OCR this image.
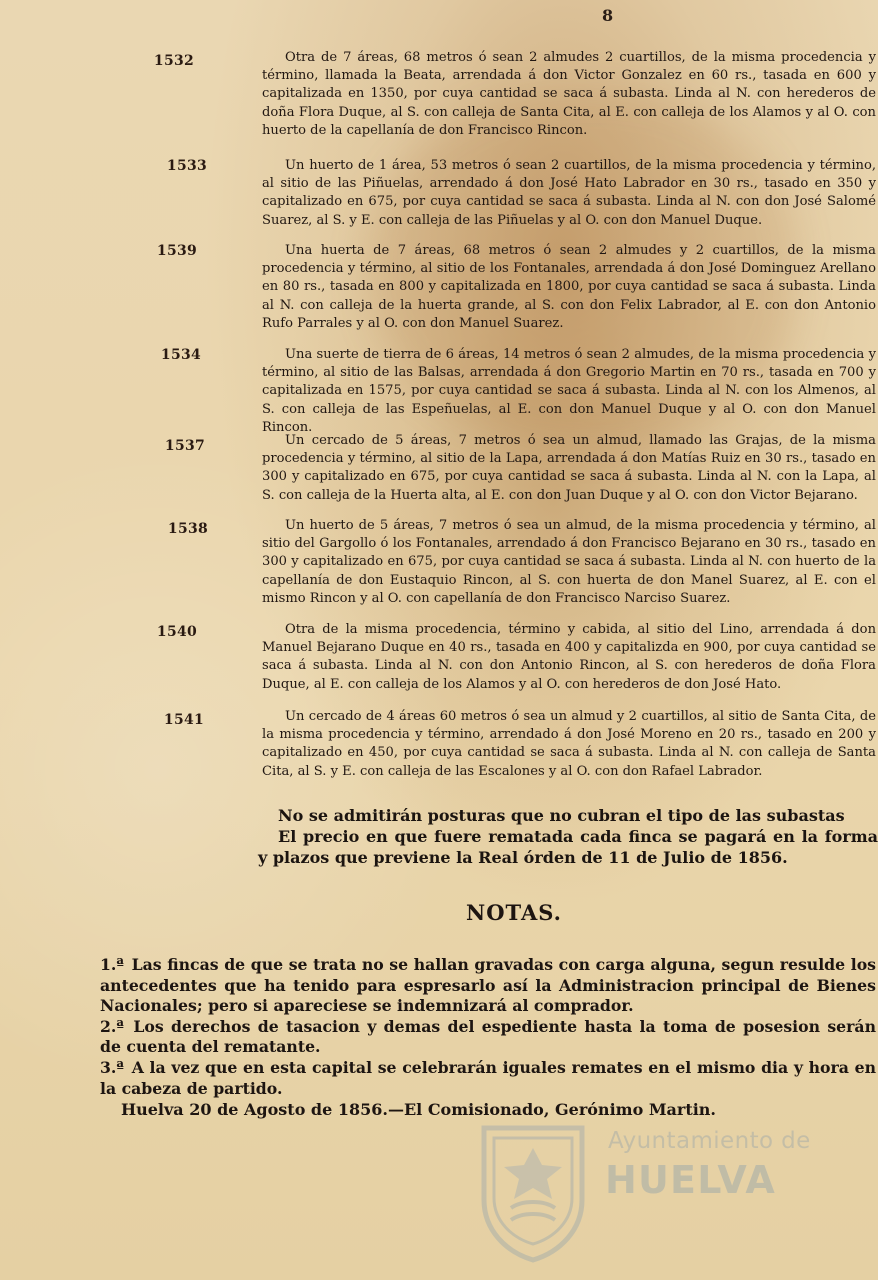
8
1532	Otra de 7 áreas, 68 metros ó sean 2 almudes 2 cuartillos, de la misma procedencia y término, llamada la Beata, arrendada á don Victor Gonzalez en 60 rs., tasada en 600 y capitalizada en 1350, por cuya cantidad se saca á subasta. Linda al N. con herederos de doña Flora Duque, al S. con calleja de Santa Cita, al E. con calleja de los Alamos y al O. con huerto de la capellanía de don Francisco Rincon.
1533	Un huerto de 1 área, 53 metros ó sean 2 cuartillos, de la misma procedencia y término, al sitio de las Piñuelas, arrendado á don José Hato Labrador en 30 rs., tasado en 350 y capitalizado en 675, por cuya cantidad se saca á subasta. Linda al N. con don José Salomé Suarez, al S. y E. con calleja de las Piñuelas y al O. con don Manuel Duque.
1539	Una huerta de 7 áreas, 68 metros ó sean 2 almudes y 2 cuartillos, de la misma procedencia y término, al sitio de los Fontanales, arrendada á don José Dominguez Arellano en 80 rs., tasada en 800 y capitalizada en 1800, por cuya cantidad se saca á subasta. Linda al N. con calleja de la huerta grande, al S. con don Felix Labrador, al E. con don Antonio Rufo Parrales y al O. con don Manuel Suarez.
1534	Una suerte de tierra de 6 áreas, 14 metros ó sean 2 almudes, de la misma procedencia y término, al sitio de las Balsas, arrendada á don Gregorio Martin en 70 rs., tasada en 700 y capitalizada en 1575, por cuya cantidad se saca á subasta. Linda al N. con los Almenos, al S. con calleja de las Espeñuelas, al E. con don Manuel Duque y al O. con don Manuel Rincon.
1537	Un cercado de 5 áreas, 7 metros ó sea un almud, llamado las Grajas, de la misma procedencia y término, al sitio de la Lapa, arrendada á don Matías Ruiz en 30 rs., tasado en 300 y capitalizado en 675, por cuya cantidad se saca á subasta. Linda al N. con la Lapa, al S. con calleja de la Huerta alta, al E. con don Juan Duque y al O. con don Victor Bejarano.
1538	Un huerto de 5 áreas, 7 metros ó sea un almud, de la misma procedencia y término, al sitio del Gargollo ó los Fontanales, arrendado á don Francisco Bejarano en 30 rs., tasado en 300 y capitalizado en 675, por cuya cantidad se saca á subasta. Linda al N. con huerto de la capellanía de don Eustaquio Rincon, al S. con huerta de don Manel Suarez, al E. con el mismo Rincon y al O. con capellanía de don Francisco Narciso Suarez.
1540	Otra de la misma procedencia, término y cabida, al sitio del Lino, arrendada á don Manuel Bejarano Duque en 40 rs., tasada en 400 y capitalizda en 900, por cuya cantidad se saca á subasta. Linda al N. con don Antonio Rincon, al S. con herederos de doña Flora Duque, al E. con calleja de los Alamos y al O. con herederos de don José Hato.
1541	Un cercado de 4 áreas 60 metros ó sea un almud y 2 cuartillos, al sitio de Santa Cita, de la misma procedencia y término, arrendado á don José Moreno en 20 rs., tasado en 200 y capitalizado en 450, por cuya cantidad se saca á subasta. Linda al N. con calleja de Santa Cita, al S. y E. con calleja de las Escalones y al O. con don Rafael Labrador.

No se admitirán posturas que no cubran el tipo de las subastas

El precio en que fuere rematada cada finca se pagará en la forma y plazos que previene la Real órden de 11 de Julio de 1856.

NOTAS.

1.ª Las fincas de que se trata no se hallan gravadas con carga alguna, segun resulde los antecedentes que ha tenido para espresarlo así la Administracion principal de Bienes Nacionales; pero si apareciese se indemnizará al comprador.

2.ª Los derechos de tasacion y demas del espediente hasta la toma de posesion serán de cuenta del rematante.

3.ª A la vez que en esta capital se celebrarán iguales remates en el mismo dia y hora en la cabeza de partido.

Huelva 20 de Agosto de 1856.—El Comisionado, Gerónimo Martin.
Ayuntamiento de
HUELVA
